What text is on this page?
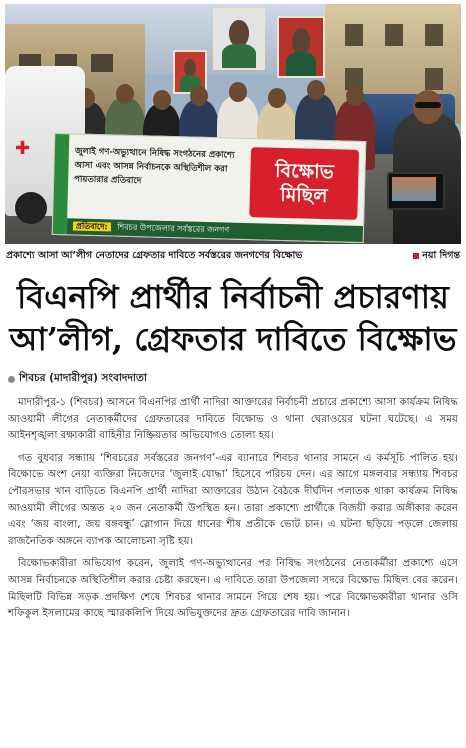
✚	জুলাই গণ-অভ্যুত্থানে নিষিদ্ধ সংগঠনের প্রকাশ্যে আসা এবং আসন্ন নির্বাচনকে অস্থিতিশীল করা পায়তারার প্রতিবাদে	বিক্ষোভ
মিছিল
প্রতিবাদে: শিবচর উপজেলার সর্বস্তরের জনগণ
প্রকাশ্যে আসা আ’লীগ নেতাদের গ্রেফতার দাবিতে সর্বস্তরের জনগণের বিক্ষোভ	নয়া দিগন্ত
বিএনপি প্রার্থীর নির্বাচনী প্রচারণায়
আ’লীগ, গ্রেফতার দাবিতে বিক্ষোভ
শিবচর (মাদারীপুর) সংবাদদাতা

মাদারীপুর-১ (শিবচর) আসনে বিএনপির প্রার্থী নাদিরা আক্তারের নির্বাচনী প্রচারে প্রকাশ্যে আসা কার্যক্রম নিষিদ্ধ আওয়ামী লীগের নেতাকর্মীদের গ্রেফতারের দাবিতে বিক্ষোভ ও থানা ঘেরাওয়ের ঘটনা ঘটেছে। এ সময় আইনশৃঙ্খলা রক্ষাকারী বাহিনীর নিষ্ক্রিয়তার অভিযোগও তোলা হয়।

গত বুধবার সন্ধ্যায় ‘শিবচরের সর্বস্তরের জনগণ’-এর ব্যানারে শিবচর থানার সামনে এ কর্মসূচি পালিত হয়। বিক্ষোভে অংশ নেয়া ব্যক্তিরা নিজেদের ‘জুলাই যোদ্ধা’ হিসেবে পরিচয় দেন। এর আগে মঙ্গলবার সন্ধ্যায় শিবচর পৌরসভার খান বাড়িতে বিএনপি প্রার্থী নাদিরা আক্তারের উঠান বৈঠকে দীর্ঘদিন পলাতক থাকা কার্যক্রম নিষিদ্ধ আওয়ামী লীগের অন্তত ২০ জন নেতাকর্মী উপস্থিত হন। তারা প্রকাশ্যে প্রার্থীকে বিজয়ী করার অঙ্গীকার করেন এবং ‘জয় বাংলা, জয় বঙ্গবন্ধু’ স্লোগান দিয়ে ধানের শীষ প্রতীকে ভোট চান। এ ঘটনা ছড়িয়ে পড়লে জেলায় রাজনৈতিক অঙ্গনে ব্যাপক আলোচনা সৃষ্টি হয়।

বিক্ষোভকারীরা অভিযোগ করেন, জুলাই গণ-অভ্যুত্থানের পর নিষিদ্ধ সংগঠনের নেতাকর্মীরা প্রকাশ্যে এসে আসন্ন নির্বাচনকে অস্থিতিশীল করার চেষ্টা করছেন। এ দাবিতে তারা উপজেলা সদরে বিক্ষোভ মিছিল বের করেন। মিছিলটি বিভিন্ন সড়ক প্রদক্ষিণ শেষে শিবচর থানার সামনে গিয়ে শেষ হয়। পরে বিক্ষোভকারীরা থানার ওসি শফিকুল ইসলামের কাছে স্মারকলিপি দিয়ে অভিযুক্তদের দ্রুত গ্রেফতারের দাবি জানান।
